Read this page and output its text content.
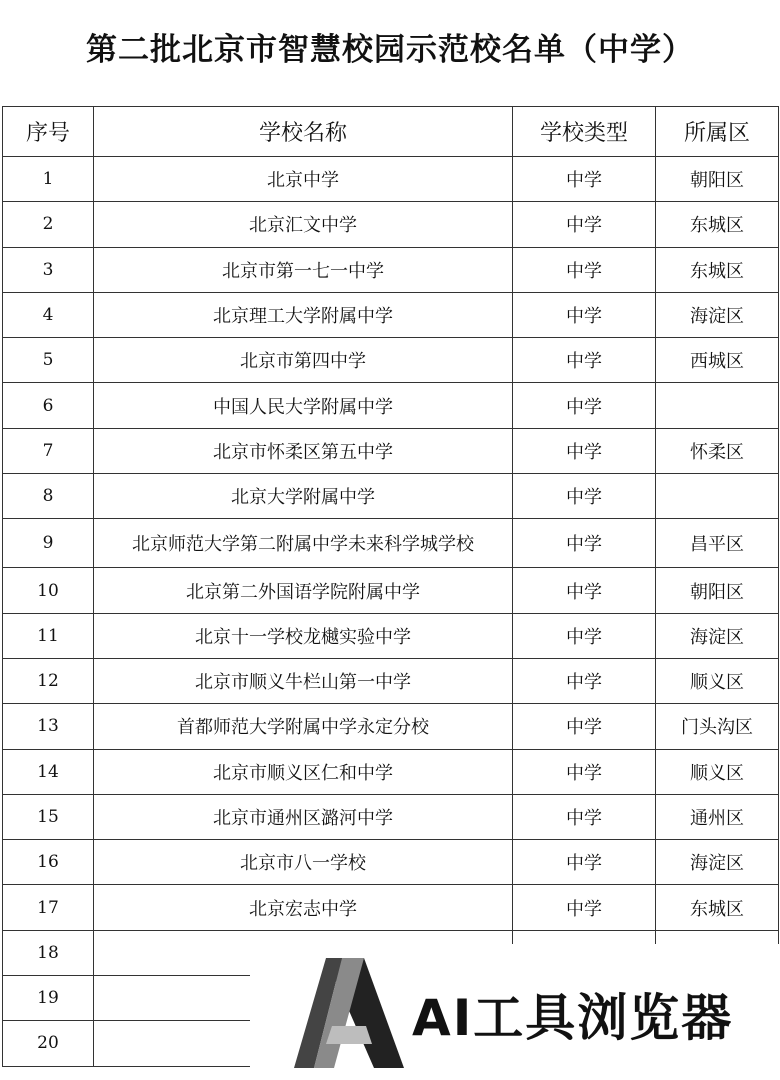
第二批北京市智慧校园示范校名单（中学）
序号	学校名称	学校类型	所属区
1	北京中学	中学	朝阳区
2	北京汇文中学	中学	东城区
3	北京市第一七一中学	中学	东城区
4	北京理工大学附属中学	中学	海淀区
5	北京市第四中学	中学	西城区
6	中国人民大学附属中学	中学	
7	北京市怀柔区第五中学	中学	怀柔区
8	北京大学附属中学	中学	
9	北京师范大学第二附属中学未来科学城学校	中学	昌平区
10	北京第二外国语学院附属中学	中学	朝阳区
11	北京十一学校龙樾实验中学	中学	海淀区
12	北京市顺义牛栏山第一中学	中学	顺义区
13	首都师范大学附属中学永定分校	中学	门头沟区
14	北京市顺义区仁和中学	中学	顺义区
15	北京市通州区潞河中学	中学	通州区
16	北京市八一学校	中学	海淀区
17	北京宏志中学	中学	东城区
18			
19			
20				AI工具浏览器
